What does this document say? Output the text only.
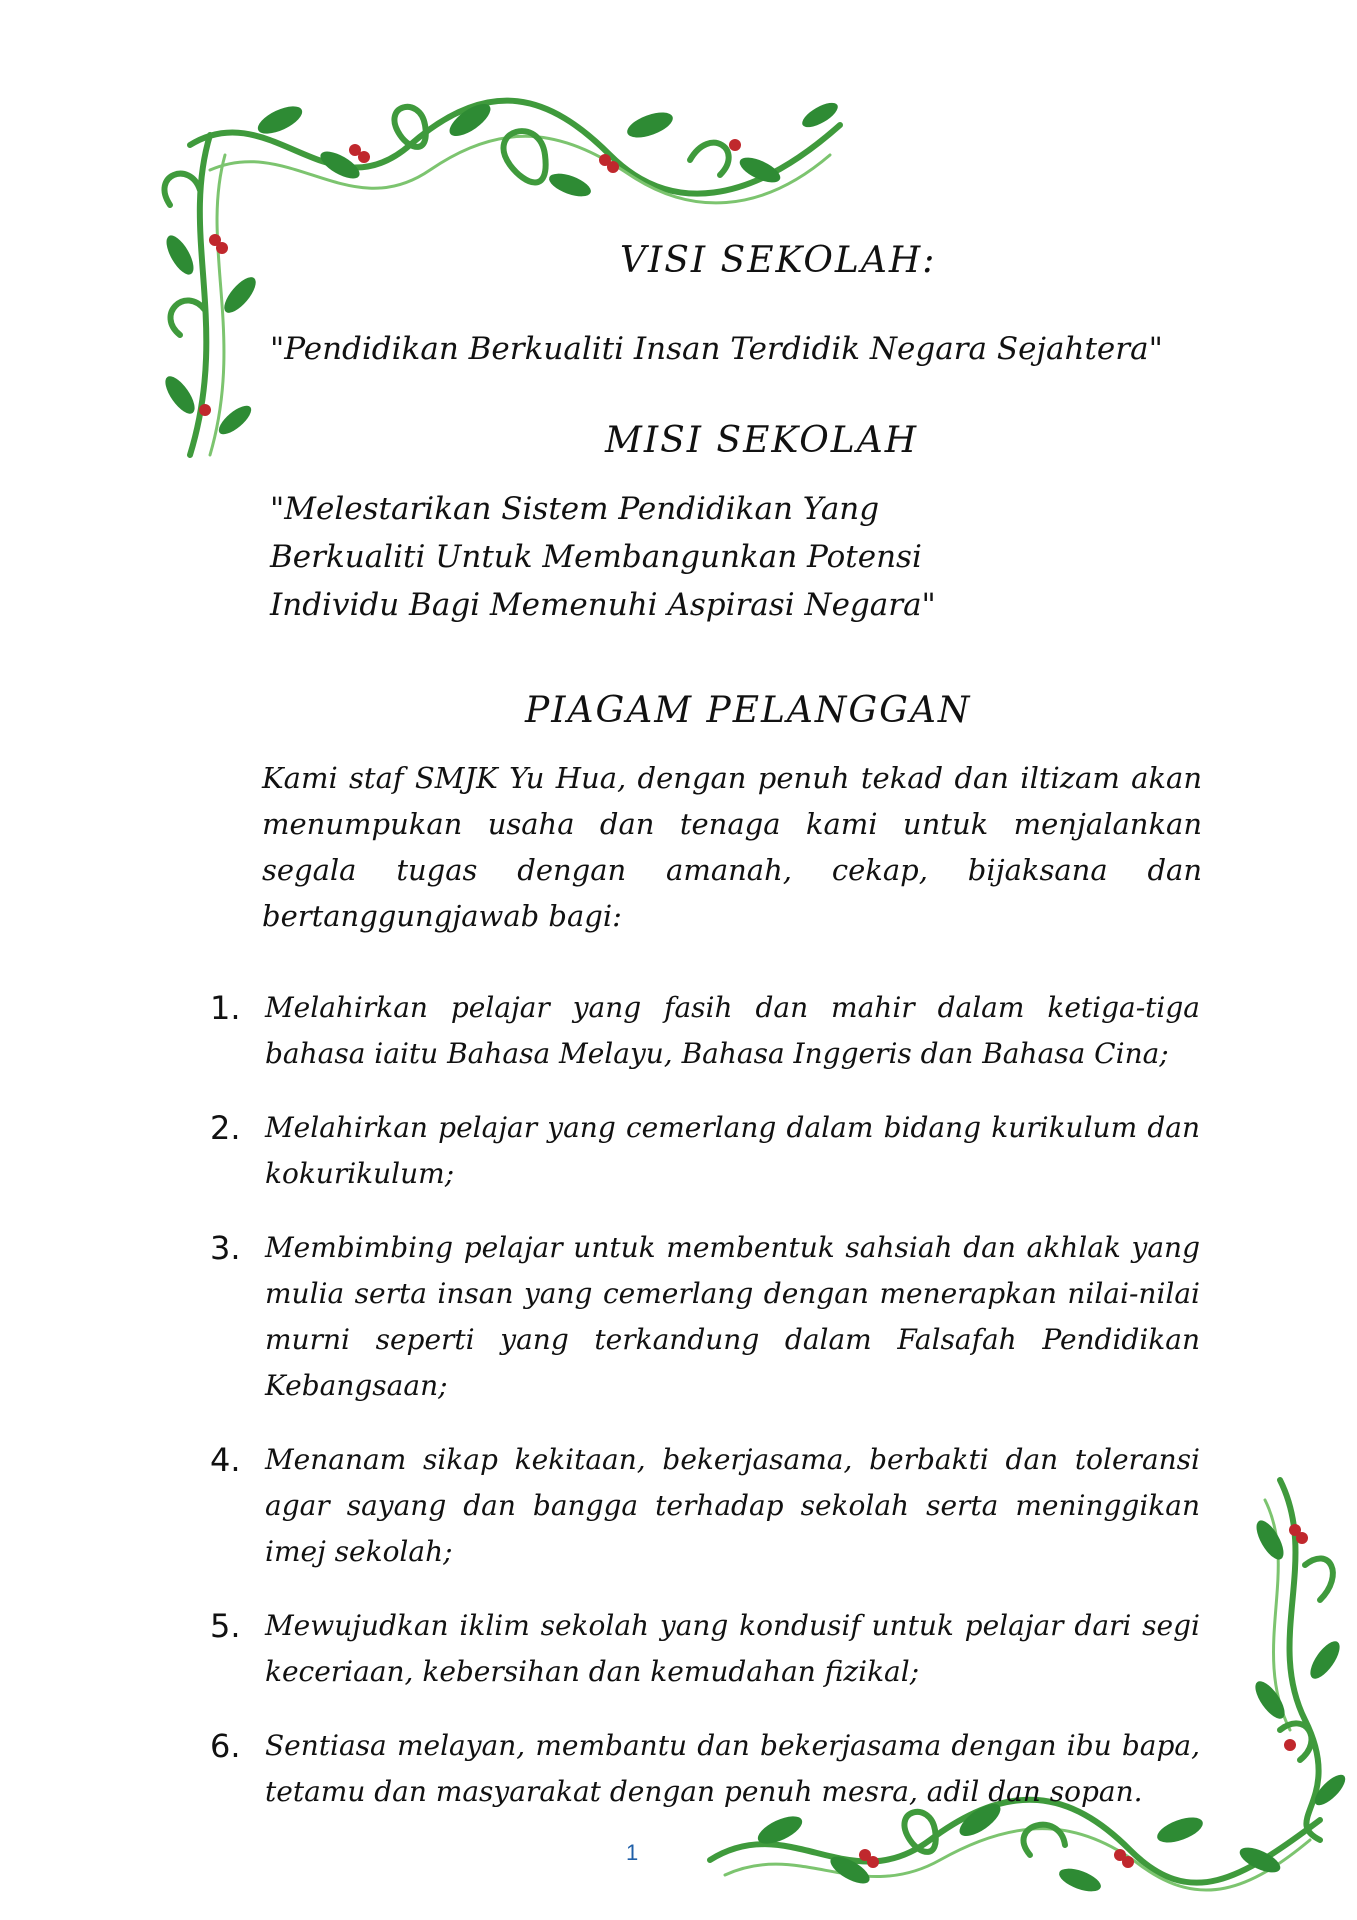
VISI SEKOLAH:
"Pendidikan Berkualiti Insan Terdidik Negara Sejahtera"
MISI SEKOLAH
"Melestarikan Sistem Pendidikan Yang Berkualiti Untuk Membangunkan Potensi Individu Bagi Memenuhi Aspirasi Negara"
PIAGAM PELANGGAN
Kami staf SMJK Yu Hua, dengan penuh tekad dan iltizam akan menumpukan usaha dan tenaga kami untuk menjalankan segala tugas dengan amanah, cekap, bijaksana dan bertanggungjawab bagi:
1. Melahirkan pelajar yang fasih dan mahir dalam ketiga-tiga bahasa iaitu Bahasa Melayu, Bahasa Inggeris dan Bahasa Cina;
2. Melahirkan pelajar yang cemerlang dalam bidang kurikulum dan kokurikulum;
3. Membimbing pelajar untuk membentuk sahsiah dan akhlak yang mulia serta insan yang cemerlang dengan menerapkan nilai-nilai murni seperti yang terkandung dalam Falsafah Pendidikan Kebangsaan;
4. Menanam sikap kekitaan, bekerjasama, berbakti dan toleransi agar sayang dan bangga terhadap sekolah serta meninggikan imej sekolah;
5. Mewujudkan iklim sekolah yang kondusif untuk pelajar dari segi keceriaan, kebersihan dan kemudahan fizikal;
6. Sentiasa melayan, membantu dan bekerjasama dengan ibu bapa, tetamu dan masyarakat dengan penuh mesra, adil dan sopan.
1
